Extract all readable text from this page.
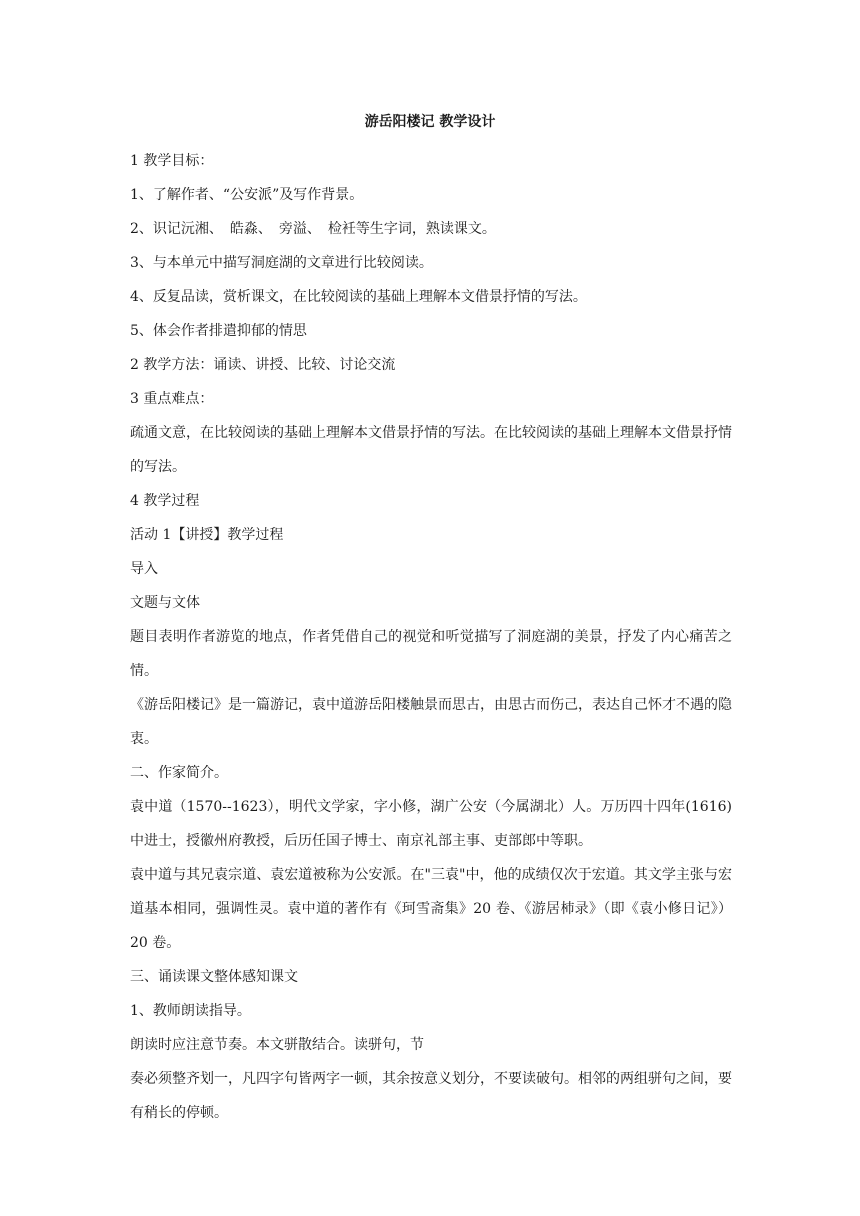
游岳阳楼记 教学设计

1 教学目标：

1、了解作者、“公安派”及写作背景。

2、识记沅湘、　皓淼、　旁溢、　检衽等生字词，熟读课文。

3、与本单元中描写洞庭湖的文章进行比较阅读。

4、反复品读，赏析课文，在比较阅读的基础上理解本文借景抒情的写法。

5、体会作者排遣抑郁的情思

2 教学方法：诵读、讲授、比较、讨论交流

3 重点难点：

疏通文意，在比较阅读的基础上理解本文借景抒情的写法。在比较阅读的基础上理解本文借景抒情的写法。

4 教学过程

活动 1【讲授】教学过程

导入

文题与文体

题目表明作者游览的地点，作者凭借自己的视觉和听觉描写了洞庭湖的美景，抒发了内心痛苦之情。

《游岳阳楼记》是一篇游记，袁中道游岳阳楼触景而思古，由思古而伤己，表达自己怀才不遇的隐衷。

二、作家简介。

袁中道（1570--1623），明代文学家，字小修，湖广公安（今属湖北）人。万历四十四年(1616)中进士，授徽州府教授，后历任国子博士、南京礼部主事、吏部郎中等职。

袁中道与其兄袁宗道、袁宏道被称为公安派。在"三袁"中，他的成绩仅次于宏道。其文学主张与宏道基本相同，强调性灵。袁中道的著作有《珂雪斋集》20 卷、《游居杮录》（即《袁小修日记》）20 卷。

三、诵读课文整体感知课文

1、教师朗读指导。

朗读时应注意节奏。本文骈散结合。读骈句，节

奏必须整齐划一，凡四字句皆两字一顿，其余按意义划分，不要读破句。相邻的两组骈句之间，要有稍长的停顿。
